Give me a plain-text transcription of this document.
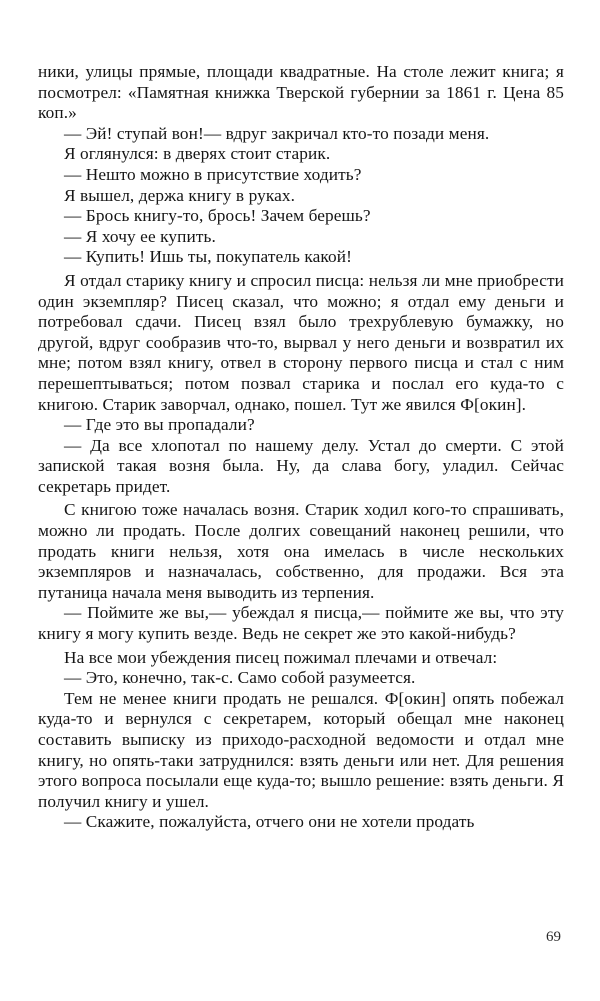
ники, улицы прямые, площади квадратные. На столе лежит книга; я посмотрел: «Памятная книжка Тверской губернии за 1861 г. Цена 85 коп.»

— Эй! ступай вон!— вдруг закричал кто-то позади меня.

Я оглянулся: в дверях стоит старик.

— Нешто можно в присутствие ходить?

Я вышел, держа книгу в руках.

— Брось книгу-то, брось! Зачем берешь?

— Я хочу ее купить.

— Купить! Ишь ты, покупатель какой!

Я отдал старику книгу и спросил писца: нельзя ли мне приобрести один экземпляр? Писец сказал, что можно; я отдал ему деньги и потребовал сдачи. Писец взял было трехрублевую бумажку, но другой, вдруг сообразив что-то, вырвал у него деньги и возвратил их мне; потом взял книгу, отвел в сторону первого писца и стал с ним перешептываться; потом позвал старика и послал его куда-то с книгою. Старик заворчал, однако, пошел. Тут же явился Ф[окин].

— Где это вы пропадали?

— Да все хлопотал по нашему делу. Устал до смерти. С этой запиской такая возня была. Ну, да слава богу, уладил. Сейчас секретарь придет.

С книгою тоже началась возня. Старик ходил кого-то спрашивать, можно ли продать. После долгих совещаний наконец решили, что продать книги нельзя, хотя она имелась в числе нескольких экземпляров и назначалась, собственно, для продажи. Вся эта путаница начала меня выводить из терпения.

— Поймите же вы,— убеждал я писца,— поймите же вы, что эту книгу я могу купить везде. Ведь не секрет же это какой-нибудь?

На все мои убеждения писец пожимал плечами и отвечал:

— Это, конечно, так-с. Само собой разумеется.

Тем не менее книги продать не решался. Ф[окин] опять побежал куда-то и вернулся с секретарем, который обещал мне наконец составить выписку из приходо-расходной ведомости и отдал мне книгу, но опять-таки затруднился: взять деньги или нет. Для решения этого вопроса посылали еще куда-то; вышло решение: взять деньги. Я получил книгу и ушел.

— Скажите, пожалуйста, отчего они не хотели продать

69
